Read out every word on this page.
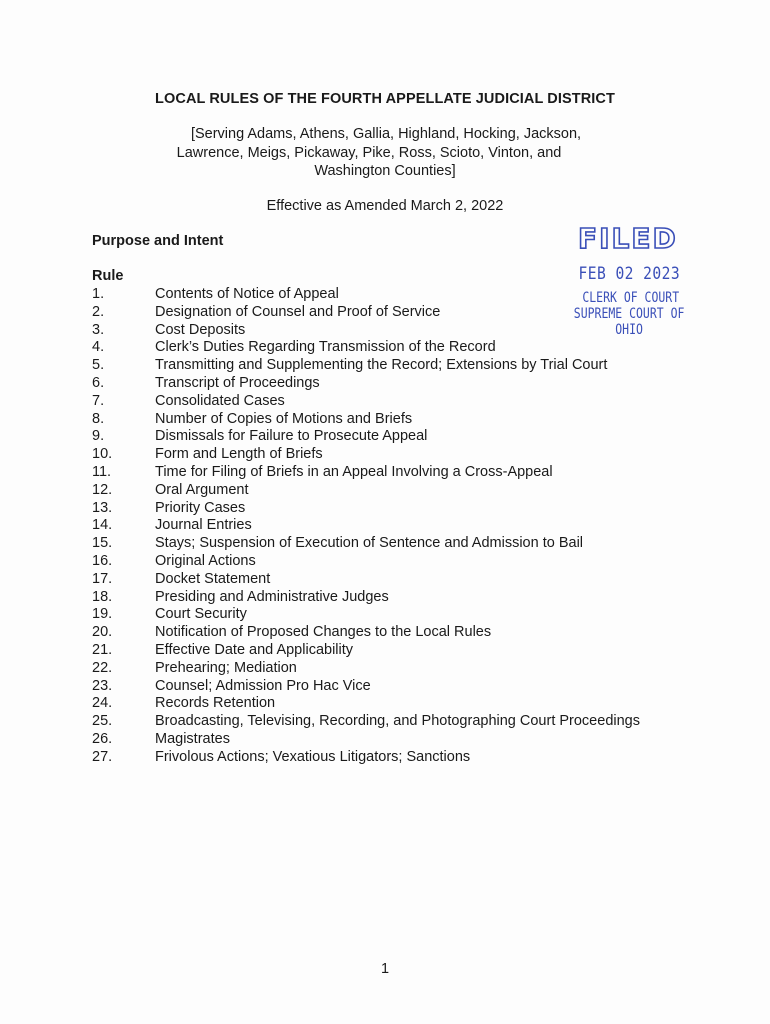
LOCAL RULES OF THE FOURTH APPELLATE JUDICIAL DISTRICT
[Serving Adams, Athens, Gallia, Highland, Hocking, Jackson,
Lawrence, Meigs, Pickaway, Pike, Ross, Scioto, Vinton, and
Washington Counties]
Effective as Amended March 2, 2022
Purpose and Intent	FILED
FEB 02 2023
CLERK OF COURT
SUPREME COURT OF OHIO
Rule
1.	Contents of Notice of Appeal
2.	Designation of Counsel and Proof of Service
3.	Cost Deposits
4.	Clerk’s Duties Regarding Transmission of the Record
5.	Transmitting and Supplementing the Record; Extensions by Trial Court
6.	Transcript of Proceedings
7.	Consolidated Cases
8.	Number of Copies of Motions and Briefs
9.	Dismissals for Failure to Prosecute Appeal
10.	Form and Length of Briefs
11.	Time for Filing of Briefs in an Appeal Involving a Cross-Appeal
12.	Oral Argument
13.	Priority Cases
14.	Journal Entries
15.	Stays; Suspension of Execution of Sentence and Admission to Bail
16.	Original Actions
17.	Docket Statement
18.	Presiding and Administrative Judges
19.	Court Security
20.	Notification of Proposed Changes to the Local Rules
21.	Effective Date and Applicability
22.	Prehearing; Mediation
23.	Counsel; Admission Pro Hac Vice
24.	Records Retention
25.	Broadcasting, Televising, Recording, and Photographing Court Proceedings
26.	Magistrates
27.	Frivolous Actions; Vexatious Litigators; Sanctions
1
